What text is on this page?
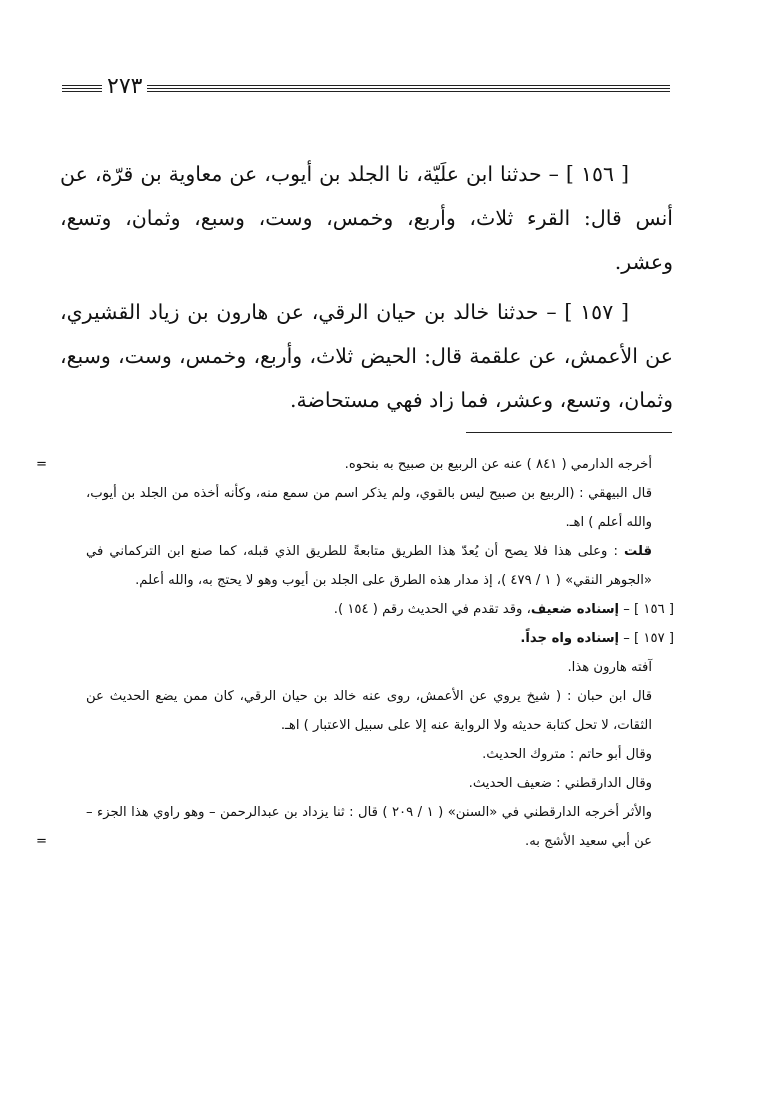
٢٧٣

[ ١٥٦ ] – حدثنا ابن علَيّة، نا الجلد بن أيوب، عن معاوية بن قرّة، عن أنس قال: القرء ثلاث، وأربع، وخمس، وست، وسبع، وثمان، وتسع، وعشر.

[ ١٥٧ ] – حدثنا خالد بن حيان الرقي، عن هارون بن زياد القشيري، عن الأعمش، عن علقمة قال: الحيض ثلاث، وأربع، وخمس، وست، وسبع، وثمان، وتسع، وعشر، فما زاد فهي مستحاضة.

=	أخرجه الدارمي ( ٨٤١ ) عنه عن الربيع بن صبيح به بنحوه.

قال البيهقي : (الربيع بن صبيح ليس بالقوي، ولم يذكر اسم من سمع منه، وكأنه أخذه من الجلد بن أيوب، والله أعلم ) اهـ.

قلت : وعلى هذا فلا يصح أن يُعدّ هذا الطريق متابعةً للطريق الذي قبله، كما صنع ابن التركماني في «الجوهر النقي» ( ١ / ٤٧٩ )، إذ مدار هذه الطرق على الجلد بن أيوب وهو لا يحتج به، والله أعلم.

[ ١٥٦ ] – إسناده ضعيف، وقد تقدم في الحديث رقم ( ١٥٤ ).

[ ١٥٧ ] – إسناده واه جداً.

آفته هارون هذا.

قال ابن حبان : ( شيخ يروي عن الأعمش، روى عنه خالد بن حيان الرقي، كان ممن يضع الحديث عن الثقات، لا تحل كتابة حديثه ولا الرواية عنه إلا على سبيل الاعتبار ) اهـ.

وقال أبو حاتم : متروك الحديث.

وقال الدارقطني : ضعيف الحديث.

والأثر أخرجه الدارقطني في «السنن» ( ١ / ٢٠٩ ) قال : ثنا يزداد بن عبدالرحمن – وهو راوي هذا الجزء – عن أبي سعيد الأشج به.
=
